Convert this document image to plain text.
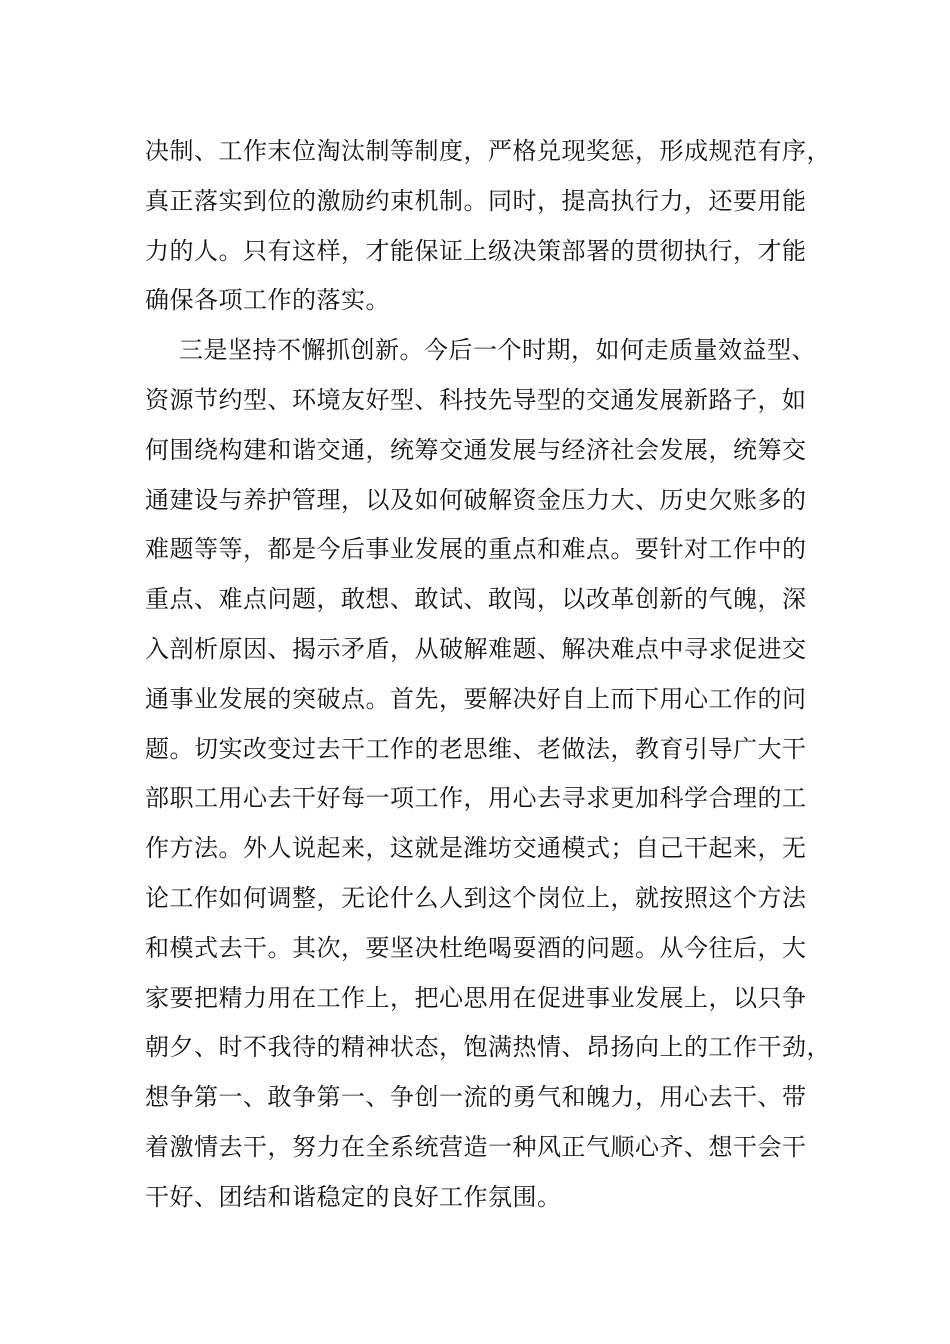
决制、工作末位淘汰制等制度，严格兑现奖惩，形成规范有序，
真正落实到位的激励约束机制。同时，提高执行力，还要用能
力的人。只有这样，才能保证上级决策部署的贯彻执行，才能
确保各项工作的落实。

三是坚持不懈抓创新。今后一个时期，如何走质量效益型、
资源节约型、环境友好型、科技先导型的交通发展新路子，如
何围绕构建和谐交通，统筹交通发展与经济社会发展，统筹交
通建设与养护管理，以及如何破解资金压力大、历史欠账多的
难题等等，都是今后事业发展的重点和难点。要针对工作中的
重点、难点问题，敢想、敢试、敢闯，以改革创新的气魄，深
入剖析原因、揭示矛盾，从破解难题、解决难点中寻求促进交
通事业发展的突破点。首先，要解决好自上而下用心工作的问
题。切实改变过去干工作的老思维、老做法，教育引导广大干
部职工用心去干好每一项工作，用心去寻求更加科学合理的工
作方法。外人说起来，这就是潍坊交通模式；自己干起来，无
论工作如何调整，无论什么人到这个岗位上，就按照这个方法
和模式去干。其次，要坚决杜绝喝耍酒的问题。从今往后，大
家要把精力用在工作上，把心思用在促进事业发展上，以只争
朝夕、时不我待的精神状态，饱满热情、昂扬向上的工作干劲，
想争第一、敢争第一、争创一流的勇气和魄力，用心去干、带
着激情去干，努力在全系统营造一种风正气顺心齐、想干会干
干好、团结和谐稳定的良好工作氛围。
